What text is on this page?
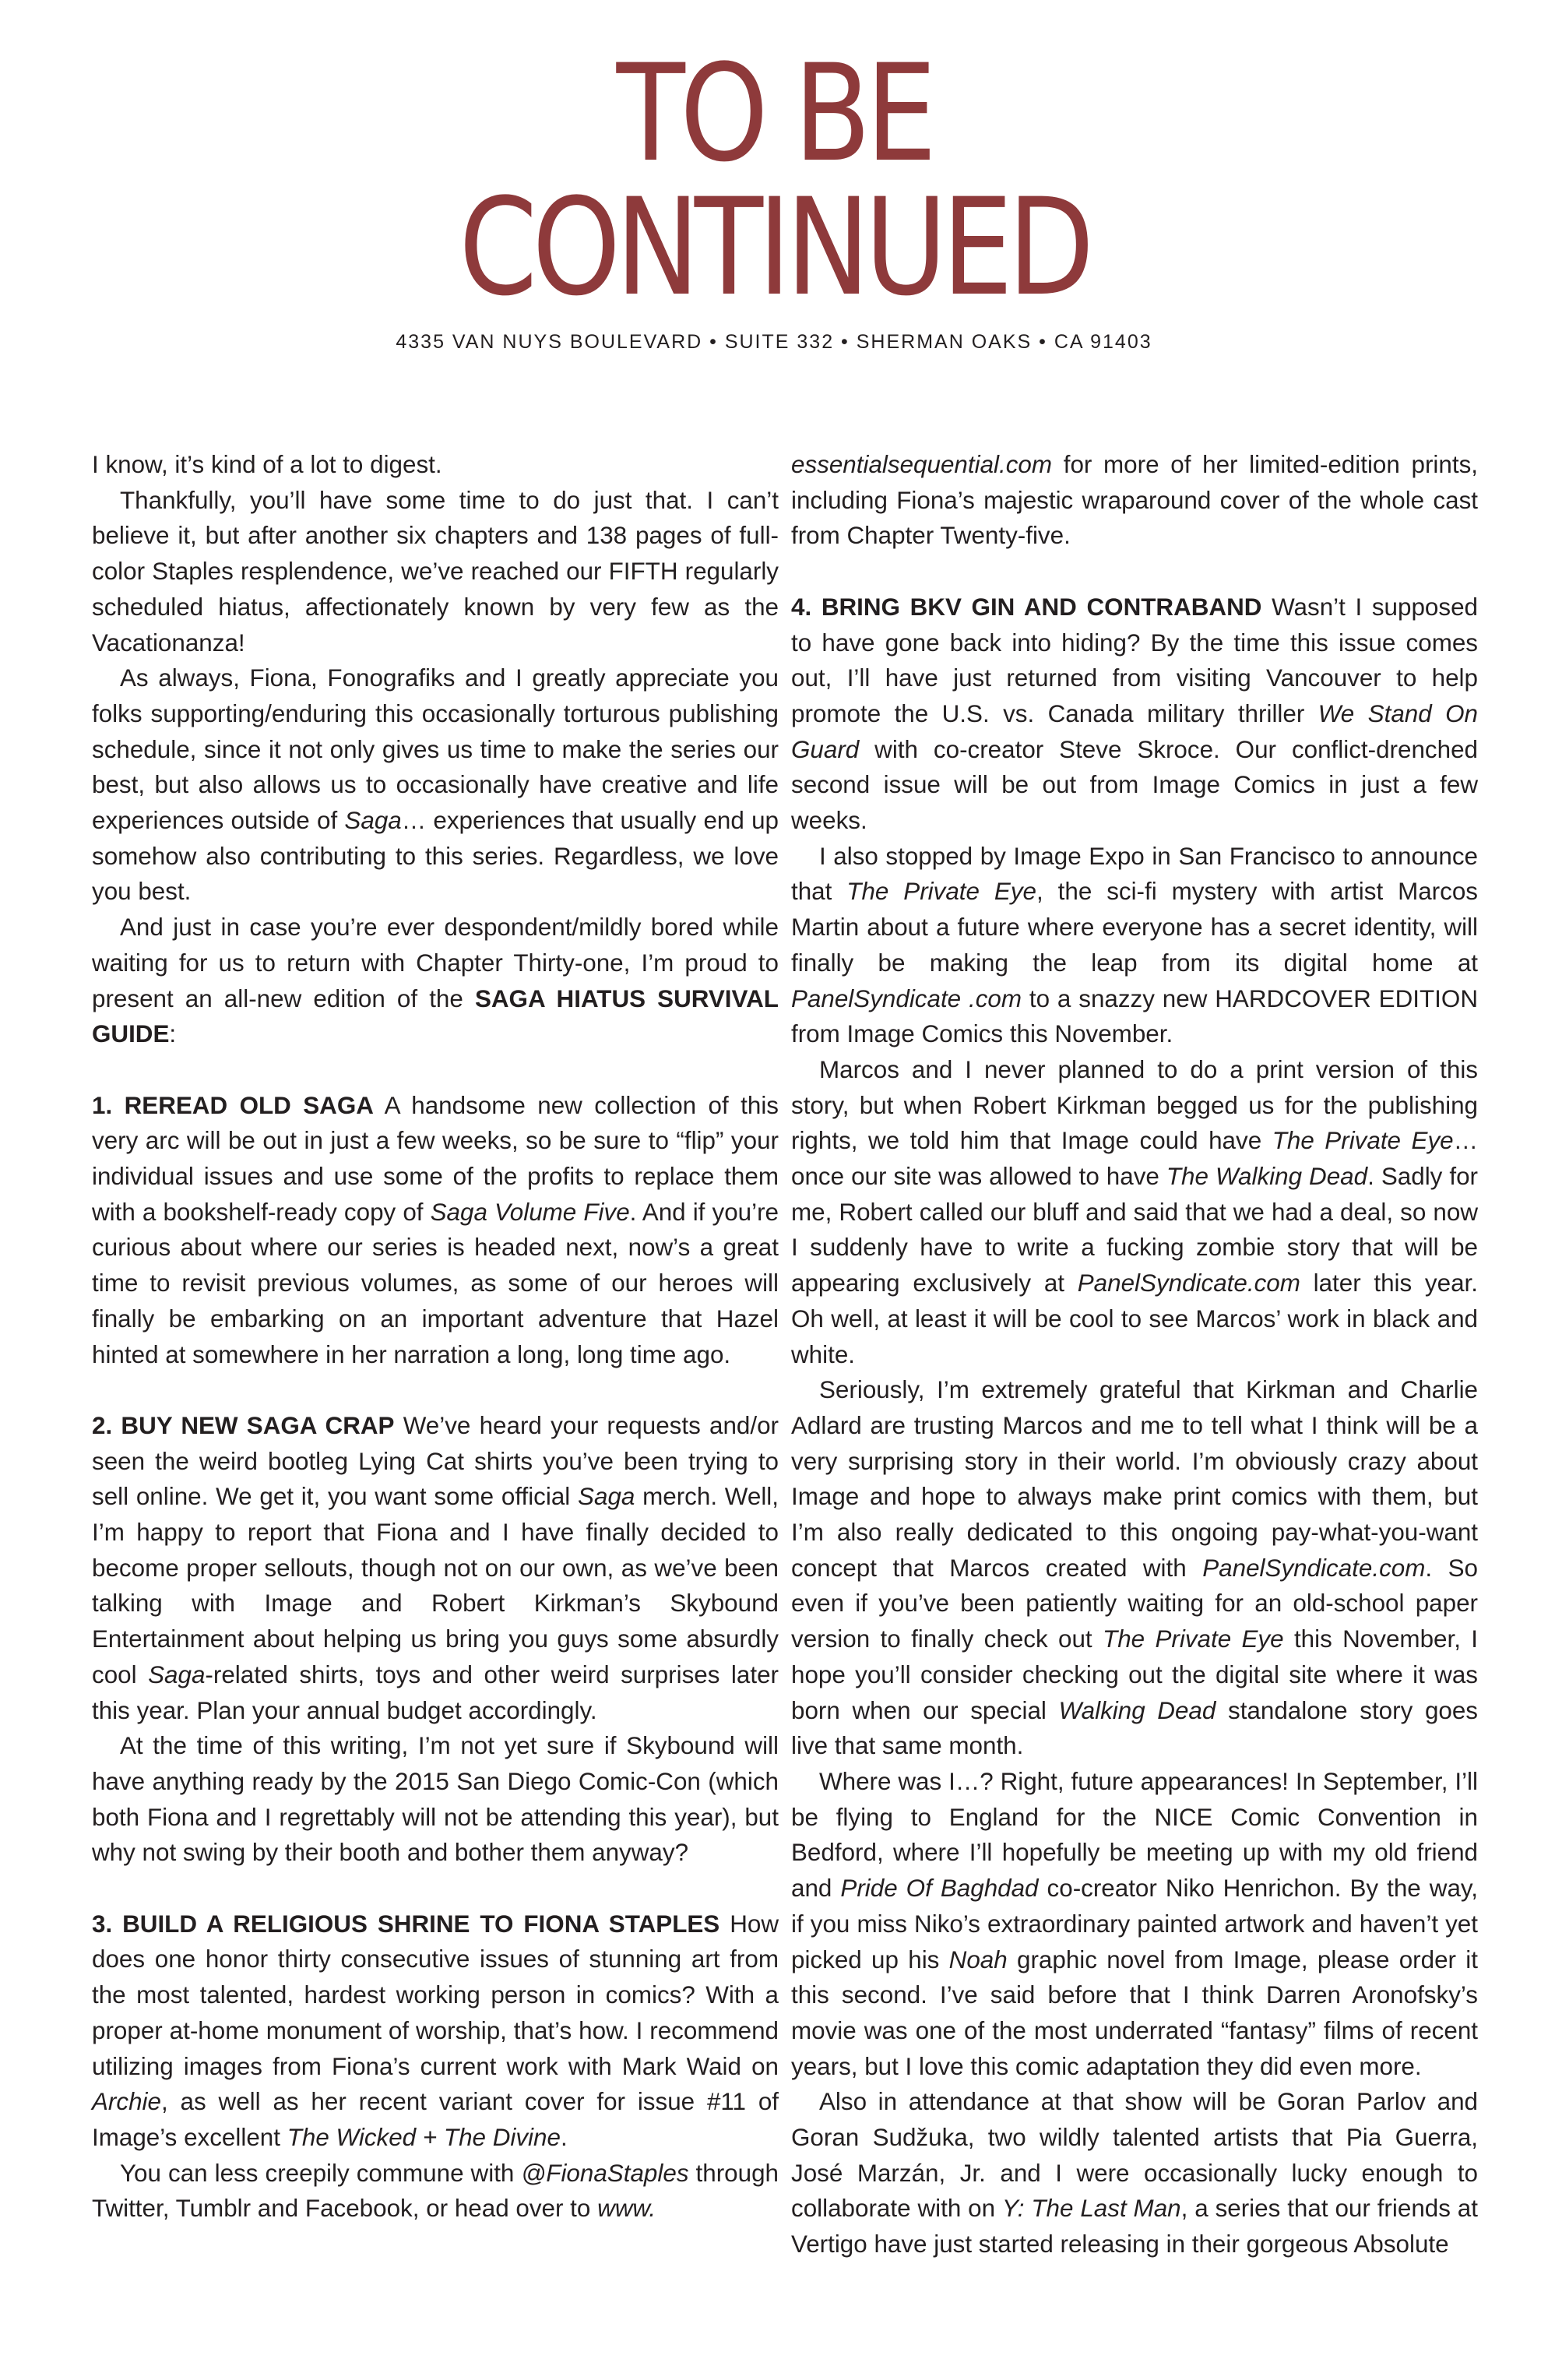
TO BE
CONTINUED
4335 VAN NUYS BOULEVARD • SUITE 332 • SHERMAN OAKS • CA 91403

I know, it’s kind of a lot to digest.

Thankfully, you’ll have some time to do just that. I can’t believe it, but after another six chapters and 138 pages of full-color Staples resplendence, we’ve reached our FIFTH regularly scheduled hiatus, affectionately known by very few as the Vacationanza!

As always, Fiona, Fonografiks and I greatly appreciate you folks supporting/enduring this occasionally torturous publishing schedule, since it not only gives us time to make the series our best, but also allows us to occasionally have creative and life experiences outside of Saga… experiences that usually end up somehow also contributing to this series. Regardless, we love you best.

And just in case you’re ever despondent/mildly bored while waiting for us to return with Chapter Thirty-one, I’m proud to present an all-new edition of the SAGA HIATUS SURVIVAL GUIDE:

1. REREAD OLD SAGA A handsome new collection of this very arc will be out in just a few weeks, so be sure to “flip” your individual issues and use some of the profits to replace them with a bookshelf-ready copy of Saga Volume Five. And if you’re curious about where our series is headed next, now’s a great time to revisit previous volumes, as some of our heroes will finally be embarking on an important adventure that Hazel hinted at somewhere in her narration a long, long time ago.

2. BUY NEW SAGA CRAP We’ve heard your requests and/or seen the weird bootleg Lying Cat shirts you’ve been trying to sell online. We get it, you want some official Saga merch. Well, I’m happy to report that Fiona and I have finally decided to become proper sellouts, though not on our own, as we’ve been talking with Image and Robert Kirkman’s Skybound Entertainment about helping us bring you guys some absurdly cool Saga-related shirts, toys and other weird surprises later this year. Plan your annual budget accordingly.

At the time of this writing, I’m not yet sure if Skybound will have anything ready by the 2015 San Diego Comic-Con (which both Fiona and I regrettably will not be attending this year), but why not swing by their booth and bother them anyway?

3. BUILD A RELIGIOUS SHRINE TO FIONA STAPLES How does one honor thirty consecutive issues of stunning art from the most talented, hardest working person in comics? With a proper at-home monument of worship, that’s how. I recommend utilizing images from Fiona’s current work with Mark Waid on Archie, as well as her recent variant cover for issue #11 of Image’s excellent The Wicked + The Divine.

You can less creepily commune with @FionaStaples through Twitter, Tumblr and Facebook, or head over to www.

essentialsequential.com for more of her limited-edition prints, including Fiona’s majestic wraparound cover of the whole cast from Chapter Twenty-five.

4. BRING BKV GIN AND CONTRABAND Wasn’t I supposed to have gone back into hiding? By the time this issue comes out, I’ll have just returned from visiting Vancouver to help promote the U.S. vs. Canada military thriller We Stand On Guard with co-creator Steve Skroce. Our conflict-drenched second issue will be out from Image Comics in just a few weeks.

I also stopped by Image Expo in San Francisco to announce that The Private Eye, the sci-fi mystery with artist Marcos Martin about a future where everyone has a secret identity, will finally be making the leap from its digital home at PanelSyndicate .com to a snazzy new HARDCOVER EDITION from Image Comics this November.

Marcos and I never planned to do a print version of this story, but when Robert Kirkman begged us for the publishing rights, we told him that Image could have The Private Eye… once our site was allowed to have The Walking Dead. Sadly for me, Robert called our bluff and said that we had a deal, so now I suddenly have to write a fucking zombie story that will be appearing exclusively at PanelSyndicate.com later this year. Oh well, at least it will be cool to see Marcos’ work in black and white.

Seriously, I’m extremely grateful that Kirkman and Charlie Adlard are trusting Marcos and me to tell what I think will be a very surprising story in their world. I’m obviously crazy about Image and hope to always make print comics with them, but I’m also really dedicated to this ongoing pay-what-you-want concept that Marcos created with PanelSyndicate.com. So even if you’ve been patiently waiting for an old-school paper version to finally check out The Private Eye this November, I hope you’ll consider checking out the digital site where it was born when our special Walking Dead standalone story goes live that same month.

Where was I…? Right, future appearances! In September, I’ll be flying to England for the NICE Comic Convention in Bedford, where I’ll hopefully be meeting up with my old friend and Pride Of Baghdad co-creator Niko Henrichon. By the way, if you miss Niko’s extraordinary painted artwork and haven’t yet picked up his Noah graphic novel from Image, please order it this second. I’ve said before that I think Darren Aronofsky’s movie was one of the most underrated “fantasy” films of recent years, but I love this comic adaptation they did even more.

Also in attendance at that show will be Goran Parlov and Goran Sudžuka, two wildly talented artists that Pia Guerra, José Marzán, Jr. and I were occasionally lucky enough to collaborate with on Y: The Last Man, a series that our friends at Vertigo have just started releasing in their gorgeous Absolute
